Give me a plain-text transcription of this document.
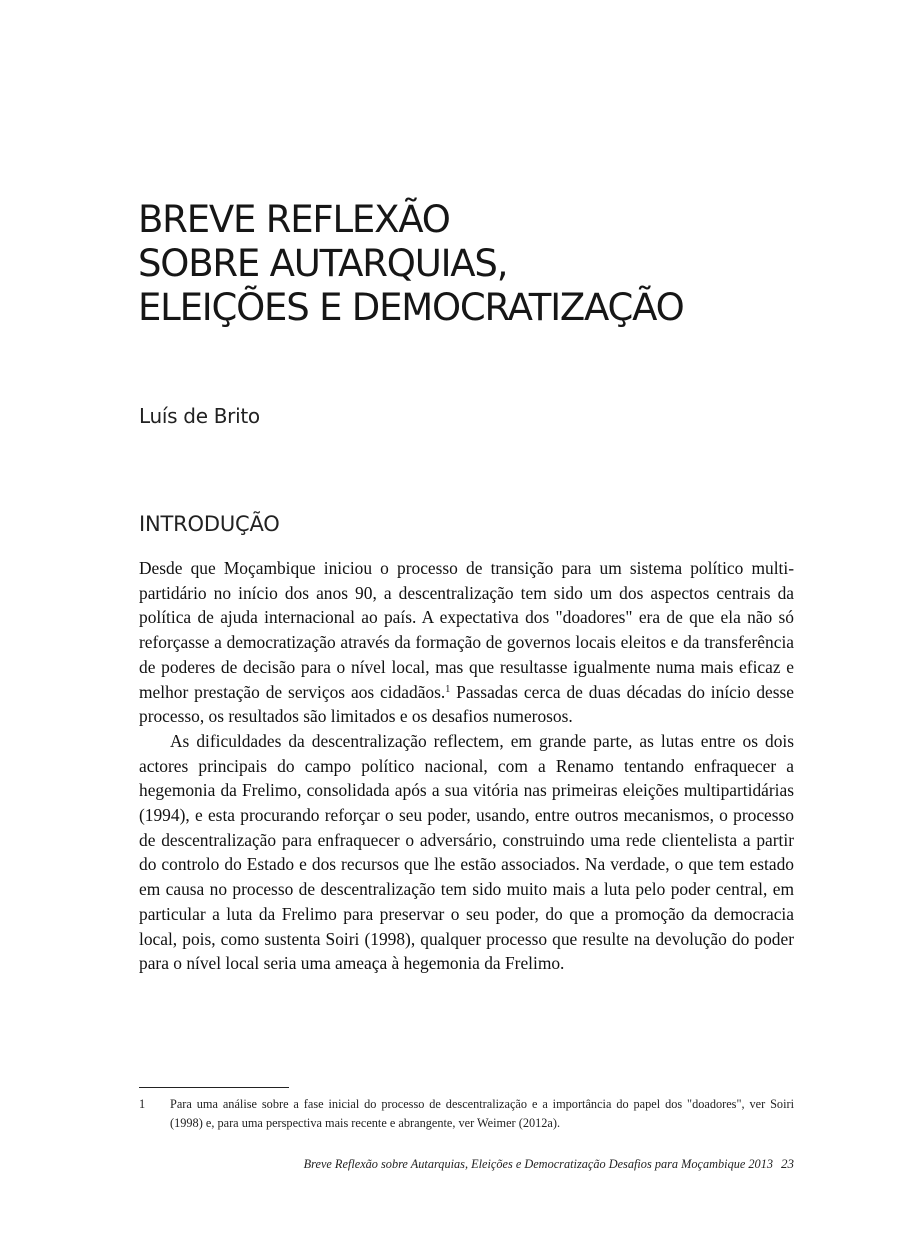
BREVE REFLEXÃO
SOBRE AUTARQUIAS,
ELEIÇÕES E DEMOCRATIZAÇÃO
Luís de Brito
INTRODUÇÃO

Desde que Moçambique iniciou o processo de transição para um sistema político multipartidário no início dos anos 90, a descentralização tem sido um dos aspectos centrais da política de ajuda internacional ao país. A expectativa dos "doadores" era de que ela não só reforçasse a democratização através da formação de governos locais eleitos e da transferência de poderes de decisão para o nível local, mas que resultasse igualmente numa mais eficaz e melhor prestação de serviços aos cidadãos.$^1$ Passadas cerca de duas décadas do início desse processo, os resultados são limitados e os desafios numerosos.

As dificuldades da descentralização reflectem, em grande parte, as lutas entre os dois actores principais do campo político nacional, com a Renamo tentando enfraquecer a hegemonia da Frelimo, consolidada após a sua vitória nas primeiras eleições multipartidárias (1994), e esta procurando reforçar o seu poder, usando, entre outros mecanismos, o processo de descentralização para enfraquecer o adversário, construindo uma rede clientelista a partir do controlo do Estado e dos recursos que lhe estão associados. Na verdade, o que tem estado em causa no processo de descentralização tem sido muito mais a luta pelo poder central, em particular a luta da Frelimo para preservar o seu poder, do que a promoção da democracia local, pois, como sustenta Soiri (1998), qualquer processo que resulte na devolução do poder para o nível local seria uma ameaça à hegemonia da Frelimo.

1 Para uma análise sobre a fase inicial do processo de descentralização e a importância do papel dos "doadores", ver Soiri (1998) e, para uma perspectiva mais recente e abrangente, ver Weimer (2012a).
Breve Reflexão sobre Autarquias, Eleições e Democratização Desafios para Moçambique 2013 23
